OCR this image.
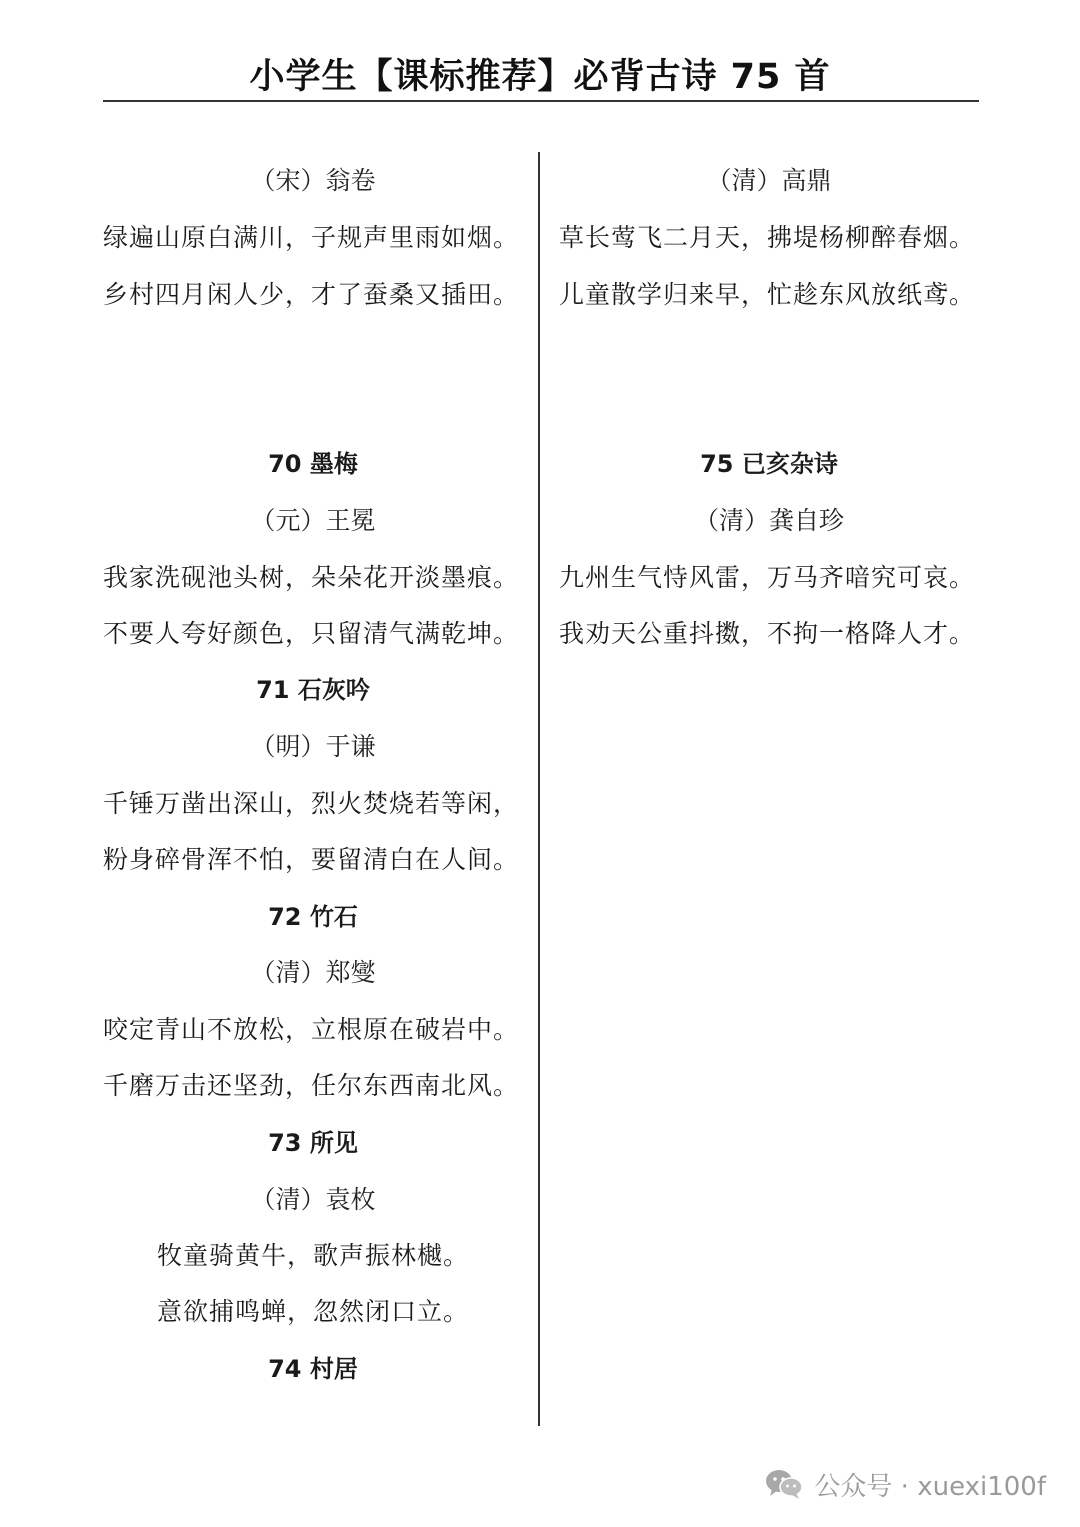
小学生【课标推荐】必背古诗 75 首
（宋）翁卷
绿遍山原白满川，子规声里雨如烟。
乡村四月闲人少，才了蚕桑又插田。
70 墨梅
（元）王冕
我家洗砚池头树，朵朵花开淡墨痕。
不要人夸好颜色，只留清气满乾坤。
71 石灰吟
（明）于谦
千锤万凿出深山，烈火焚烧若等闲，
粉身碎骨浑不怕，要留清白在人间。
72 竹石
（清）郑燮
咬定青山不放松，立根原在破岩中。
千磨万击还坚劲，任尔东西南北风。
73 所见
（清）袁枚
牧童骑黄牛，歌声振林樾。
意欲捕鸣蝉，忽然闭口立。
74 村居
（清）高鼎
草长莺飞二月天，拂堤杨柳醉春烟。
儿童散学归来早，忙趁东风放纸鸢。
75 已亥杂诗
（清）龚自珍
九州生气恃风雷，万马齐喑究可哀。
我劝天公重抖擞，不拘一格降人才。
公众号 · xuexi100f
